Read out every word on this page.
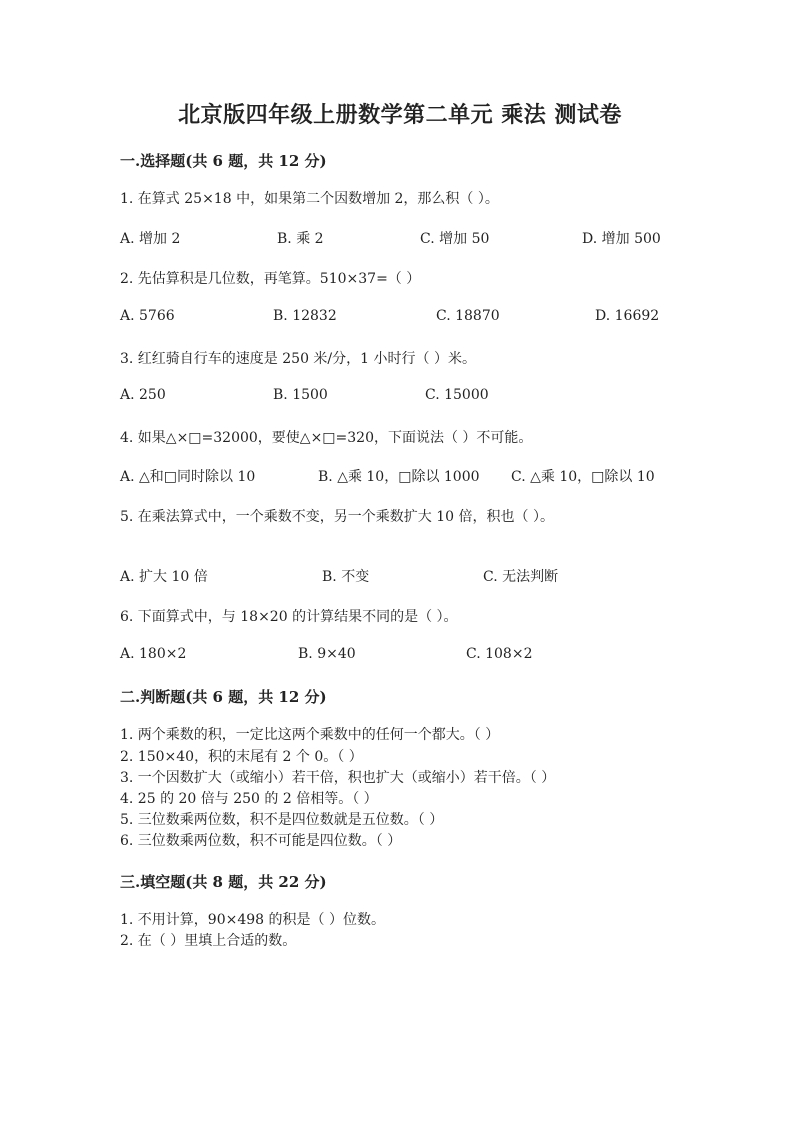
北京版四年级上册数学第二单元 乘法 测试卷
一.选择题(共 6 题，共 12 分)
1. 在算式 25×18 中，如果第二个因数增加 2，那么积（ ）。
A. 增加 2	B. 乘 2	C. 增加 50	D. 增加 500
2. 先估算积是几位数，再笔算。510×37=（ ）
A. 5766	B. 12832	C. 18870	D. 16692
3. 红红骑自行车的速度是 250 米/分，1 小时行（ ）米。
A. 250	B. 1500	C. 15000
4. 如果△×□=32000，要使△×□=320，下面说法（ ）不可能。
A. △和□同时除以 10	B. △乘 10，□除以 1000 C. △乘 10，□除以 10
5. 在乘法算式中，一个乘数不变，另一个乘数扩大 10 倍，积也（ ）。
A. 扩大 10 倍	B. 不变	C. 无法判断
6. 下面算式中，与 18×20 的计算结果不同的是（ ）。
A. 180×2	B. 9×40	C. 108×2
二.判断题(共 6 题，共 12 分)
1. 两个乘数的积，一定比这两个乘数中的任何一个都大。（ ）
2. 150×40，积的末尾有 2 个 0。（ ）
3. 一个因数扩大（或缩小）若干倍，积也扩大（或缩小）若干倍。（ ）
4. 25 的 20 倍与 250 的 2 倍相等。（ ）
5. 三位数乘两位数，积不是四位数就是五位数。（ ）
6. 三位数乘两位数，积不可能是四位数。（ ）
三.填空题(共 8 题，共 22 分)
1. 不用计算，90×498 的积是（ ）位数。
2. 在（ ）里填上合适的数。
